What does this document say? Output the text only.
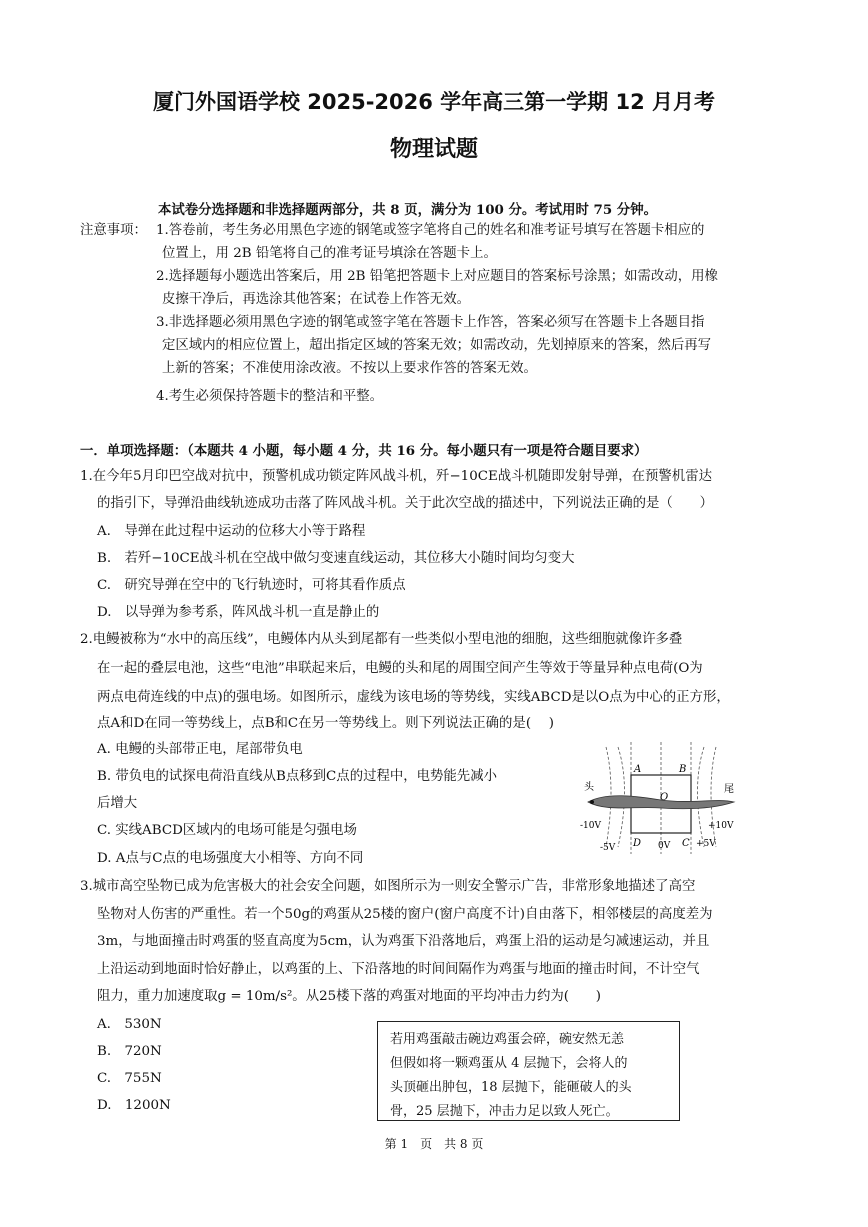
厦门外国语学校 2025-2026 学年高三第一学期 12 月月考
物理试题
本试卷分选择题和非选择题两部分，共 8 页，满分为 100 分。考试用时 75 分钟。
注意事项： 1.答卷前，考生务必用黑色字迹的钢笔或签字笔将自己的姓名和准考证号填写在答题卡相应的
位置上，用 2B 铅笔将自己的准考证号填涂在答题卡上。
2.选择题每小题选出答案后，用 2B 铅笔把答题卡上对应题目的答案标号涂黑；如需改动，用橡
皮擦干净后，再选涂其他答案；在试卷上作答无效。
3.非选择题必须用黑色字迹的钢笔或签字笔在答题卡上作答，答案必须写在答题卡上各题目指
定区域内的相应位置上，超出指定区域的答案无效；如需改动，先划掉原来的答案，然后再写
上新的答案；不准使用涂改液。不按以上要求作答的答案无效。
4.考生必须保持答题卡的整洁和平整。
一．单项选择题：（本题共 4 小题，每小题 4 分，共 16 分。每小题只有一项是符合题目要求）
1.在今年5月印巴空战对抗中，预警机成功锁定阵风战斗机，歼−10CE战斗机随即发射导弹，在预警机雷达
的指引下，导弹沿曲线轨迹成功击落了阵风战斗机。关于此次空战的描述中，下列说法正确的是（　　）
A.　导弹在此过程中运动的位移大小等于路程
B.　若歼−10CE战斗机在空战中做匀变速直线运动，其位移大小随时间均匀变大
C.　研究导弹在空中的飞行轨迹时，可将其看作质点
D.　以导弹为参考系，阵风战斗机一直是静止的
2.电鳗被称为“水中的高压线”，电鳗体内从头到尾都有一些类似小型电池的细胞，这些细胞就像许多叠
在一起的叠层电池，这些“电池”串联起来后，电鳗的头和尾的周围空间产生等效于等量异种点电荷(O为
两点电荷连线的中点)的强电场。如图所示，虚线为该电场的等势线，实线ABCD是以O点为中心的正方形，
点A和D在同一等势线上，点B和C在另一等势线上。则下列说法正确的是(　 )
A. 电鳗的头部带正电，尾部带负电
B. 带负电的试探电荷沿直线从B点移到C点的过程中，电势能先减小
后增大
C. 实线ABCD区域内的电场可能是匀强电场
D. A点与C点的电场强度大小相等、方向不同
A	B
C
D
O
头	尾
-10V	+10V
-5V	0V	+5V
3.城市高空坠物已成为危害极大的社会安全问题，如图所示为一则安全警示广告，非常形象地描述了高空
坠物对人伤害的严重性。若一个50g的鸡蛋从25楼的窗户(窗户高度不计)自由落下，相邻楼层的高度差为
3m，与地面撞击时鸡蛋的竖直高度为5cm，认为鸡蛋下沿落地后，鸡蛋上沿的运动是匀减速运动，并且
上沿运动到地面时恰好静止，以鸡蛋的上、下沿落地的时间间隔作为鸡蛋与地面的撞击时间，不计空气
阻力，重力加速度取g = 10m/s²。从25楼下落的鸡蛋对地面的平均冲击力约为(　　)
A.　530N
B.　720N
C.　755N
D.　1200N
若用鸡蛋敲击碗边鸡蛋会碎，碗安然无恙
但假如将一颗鸡蛋从 4 层抛下，会将人的
头顶砸出肿包，18 层抛下，能砸破人的头
骨，25 层抛下，冲击力足以致人死亡。
第 1　页　共 8 页
